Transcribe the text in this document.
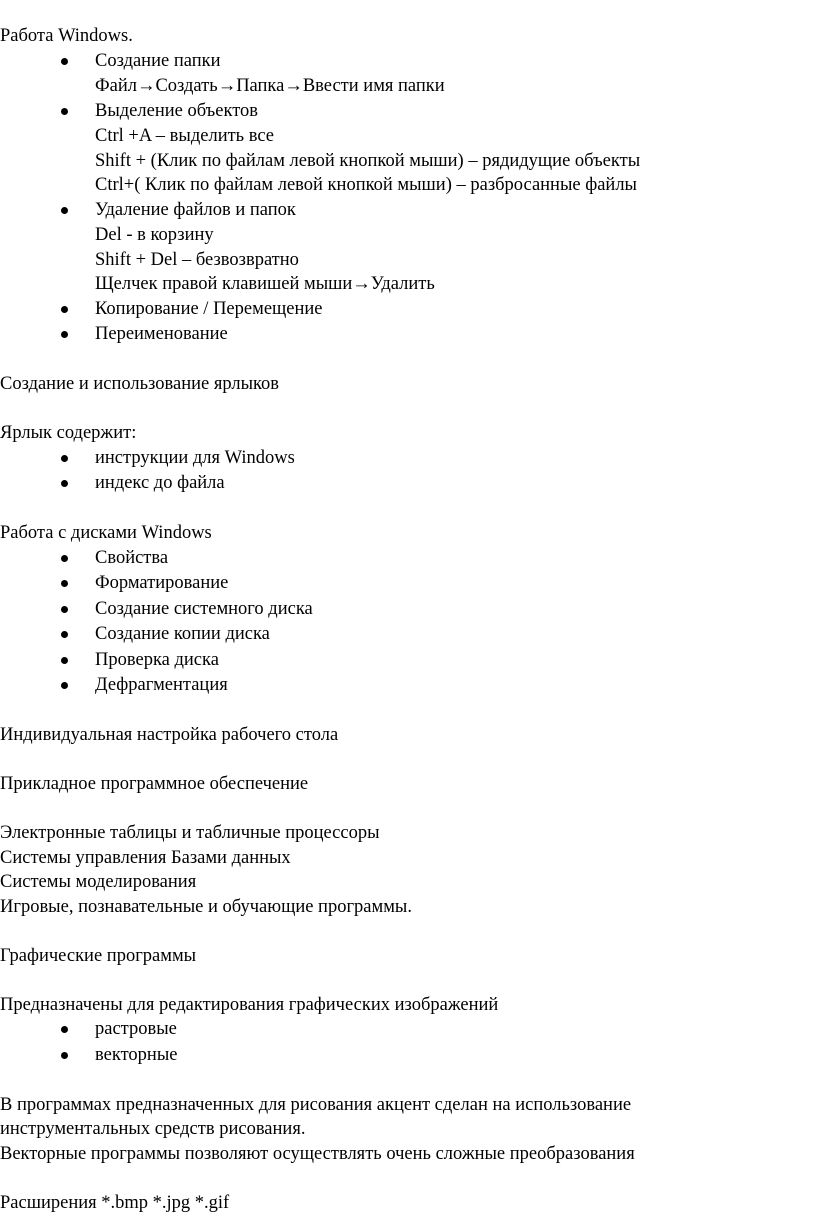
Работа Windows.

Создание папки
Файл→Создать→Папка→Ввести имя папки
Выделение объектов
Ctrl +A – выделить все
Shift + (Клик по файлам левой кнопкой мыши) – рядидущие объекты
Ctrl+( Клик по файлам левой кнопкой мыши) – разбросанные файлы
Удаление файлов и папок
Del - в корзину
Shift + Del – безвозвратно
Щелчек правой клавишей мыши→Удалить
Копирование / Перемещение
Переименование

Создание и использование ярлыков

Ярлык содержит:

инструкции для Windows
индекс до файла

Работа с дисками Windows

Свойства
Форматирование
Создание системного диска
Создание копии диска
Проверка диска
Дефрагментация

Индивидуальная настройка рабочего стола

Прикладное программное обеспечение

Электронные таблицы и табличные процессоры

Системы управления Базами данных

Системы моделирования

Игровые, познавательные и обучающие программы.

Графические программы

Предназначены для редактирования графических изображений

растровые
векторные

В программах предназначенных для рисования акцент сделан на использование

инструментальных средств рисования.

Векторные программы позволяют осуществлять очень сложные преобразования

Расширения *.bmp *.jpg *.gif
